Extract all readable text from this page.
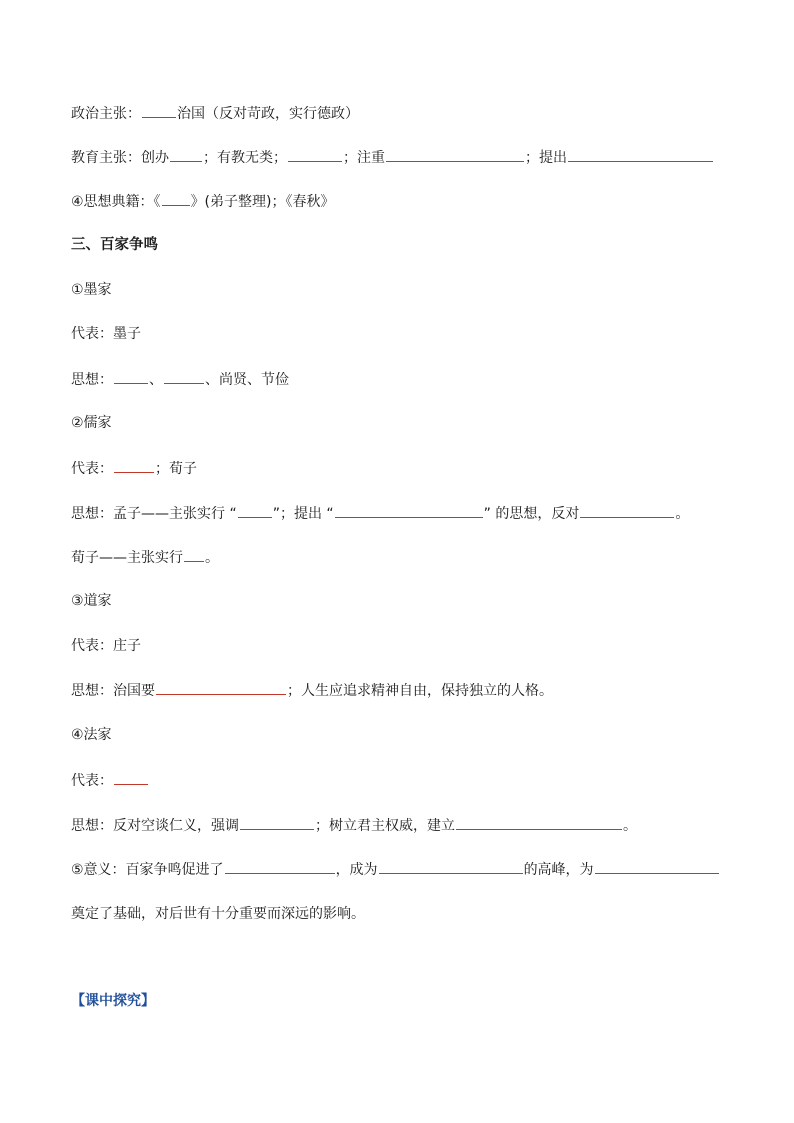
政治主张：	治国（反对苛政，实行德政）
教育主张：创办 ；有教无类；	；注重	；提出
④思想典籍：《 》(弟子整理)；《春秋》
三、百家争鸣
①墨家
代表：墨子
思想：	、	、尚贤、节俭
②儒家
代表：	；荀子
思想：孟子——主张实行 “	”；提出 “	” 的思想，反对	。
荀子——主张实行 。
③道家
代表：庄子
思想：治国要	；人生应追求精神自由，保持独立的人格。
④法家
代表：
思想：反对空谈仁义，强调	；树立君主权威，建立	。
⑤意义：百家争鸣促进了	，成为	的高峰，为
奠定了基础，对后世有十分重要而深远的影响。
【课中探究】
